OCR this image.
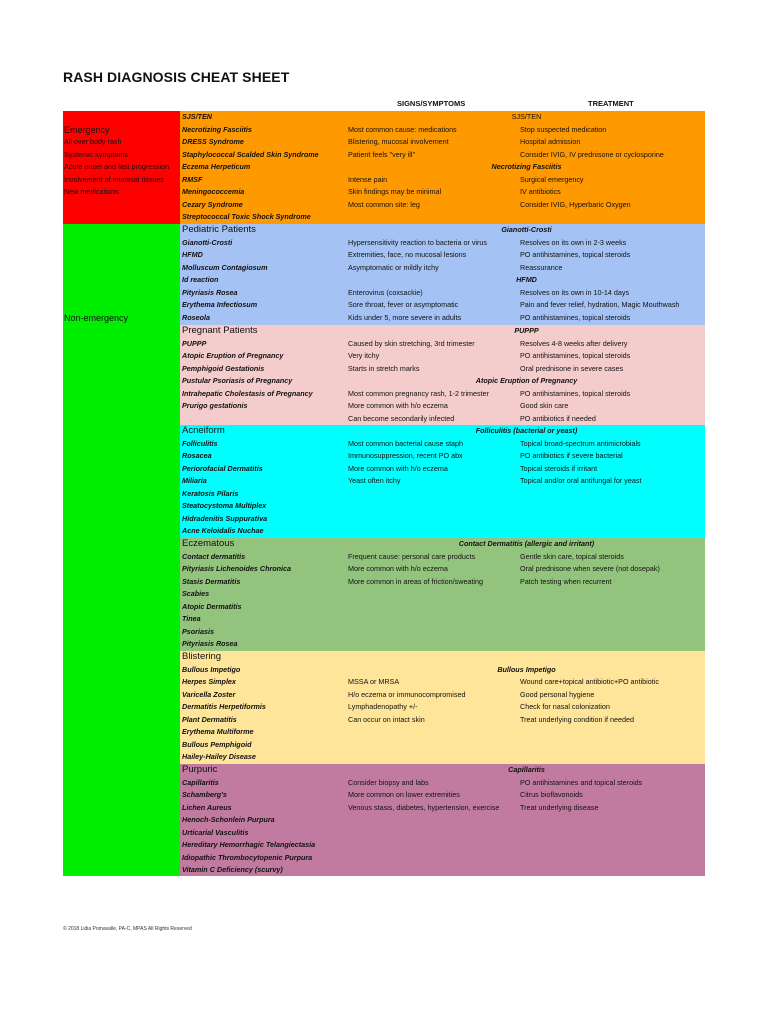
RASH DIAGNOSIS CHEAT SHEET
SIGNS/SYMPTOMS	TREATMENT
Emergency
All over body rash
Systemic symptoms
Acute onset and fast progression
Involvement of mucosal tissues
New medications
Non-emergency
SJS/TEN
Necrotizing Fasciitis
DRESS Syndrome
Staphylococcal Scalded Skin Syndrome
Eczema Herpeticum
RMSF
Meningococcemia
Cezary Syndrome
Streptococcal Toxic Shock Syndrome
SJS/TEN
Most common cause: medications
Blistering, mucosal involvement
Patient feels "very ill"
Stop suspected medication
Hospital admission
Consider IVIG, IV prednisone or cyclosporine
Necrotizing Fasciitis
Intense pain
Skin findings may be minimal
Most common site: leg
Surgical emergency
IV antibiotics
Consider IVIG, Hyperbaric Oxygen
Pediatric Patients
Gianotti-Crosti
HFMD
Molluscum Contagiosum
Id reaction
Pityriasis Rosea
Erythema Infectiosum
Roseola
Gianotti-Crosti
Hypersensitivity reaction to bacteria or virus
Extremities, face, no mucosal lesions
Asymptomatic or mildly itchy
Resolves on its own in 2-3 weeks
PO antihistamines, topical steroids
Reassurance
HFMD
Enterovirus (coxsackie)
Sore throat, fever or asymptomatic
Kids under 5, more severe in adults
Resolves on its own in 10-14 days
Pain and fever relief, hydration, Magic Mouthwash
PO antihistamines, topical steroids
Pregnant Patients
PUPPP
Atopic Eruption of Pregnancy
Pemphigoid Gestationis
Pustular Psoriasis of Pregnancy
Intrahepatic Cholestasis of Pregnancy
Prurigo gestationis
PUPPP
Caused by skin stretching, 3rd trimester
Very itchy
Starts in stretch marks
Resolves 4-8 weeks after delivery
PO antihistamines, topical steroids
Oral prednisone in severe cases
Atopic Eruption of Pregnancy
Most common pregnancy rash, 1-2 trimester
More common with h/o eczema
Can become secondarily infected
PO antihistamines, topical steroids
Good skin care
PO antibiotics if needed
Acneiform
Folliculitis
Rosacea
Periorofacial Dermatitis
Miliaria
Keratosis Pilaris
Steatocystoma Multiplex
Hidradenitis Suppurativa
Acne Keloidalis Nuchae
Folliculitis (bacterial or yeast)
Most common bacterial cause staph
Immunosuppression, recent PO abx
More common with h/o eczema
Yeast often itchy
Topical broad-spectrum antimicrobials
PO antibiotics if severe bacterial
Topical steroids if irritant
Topical and/or oral antifungal for yeast
Eczematous
Contact dermatitis
Pityriasis Lichenoides Chronica
Stasis Dermatitis
Scabies
Atopic Dermatitis
Tinea
Psoriasis
Pityriasis Rosea
Contact Dermatitis (allergic and irritant)
Frequent cause: personal care products
More common with h/o eczema
More common in areas of friction/sweating
Gentle skin care, topical steroids
Oral prednisone when severe (not dosepak)
Patch testing when recurrent
Blistering
Bullous Impetigo
Herpes Simplex
Varicella Zoster
Dermatitis Herpetiformis
Plant Dermatitis
Erythema Multiforme
Bullous Pemphigoid
Hailey-Hailey Disease
Bullous Impetigo
MSSA or MRSA
H/o eczema or immunocompromised
Lymphadenopathy +/-
Can occur on intact skin
Wound care+topical antibiotic+PO antibiotic
Good personal hygiene
Check for nasal colonization
Treat underlying condition if needed
Purpuric
Capillaritis
Schamberg's
Lichen Aureus
Henoch-Schonlein Purpura
Urticarial Vasculitis
Hereditary Hemorrhagic Telangiectasia
Idiopathic Thrombocytopenic Purpura
Vitamin C Deficiency (scurvy)
Capillaritis
Consider biopsy and labs
More common on lower extremities
Venous stasis, diabetes, hypertension, exercise
PO antihistamines and topical steroids
Citrus bioflavonoids
Treat underlying disease
© 2018 Lidia Pomavalle, PA-C, MPAS All Rights Reserved
